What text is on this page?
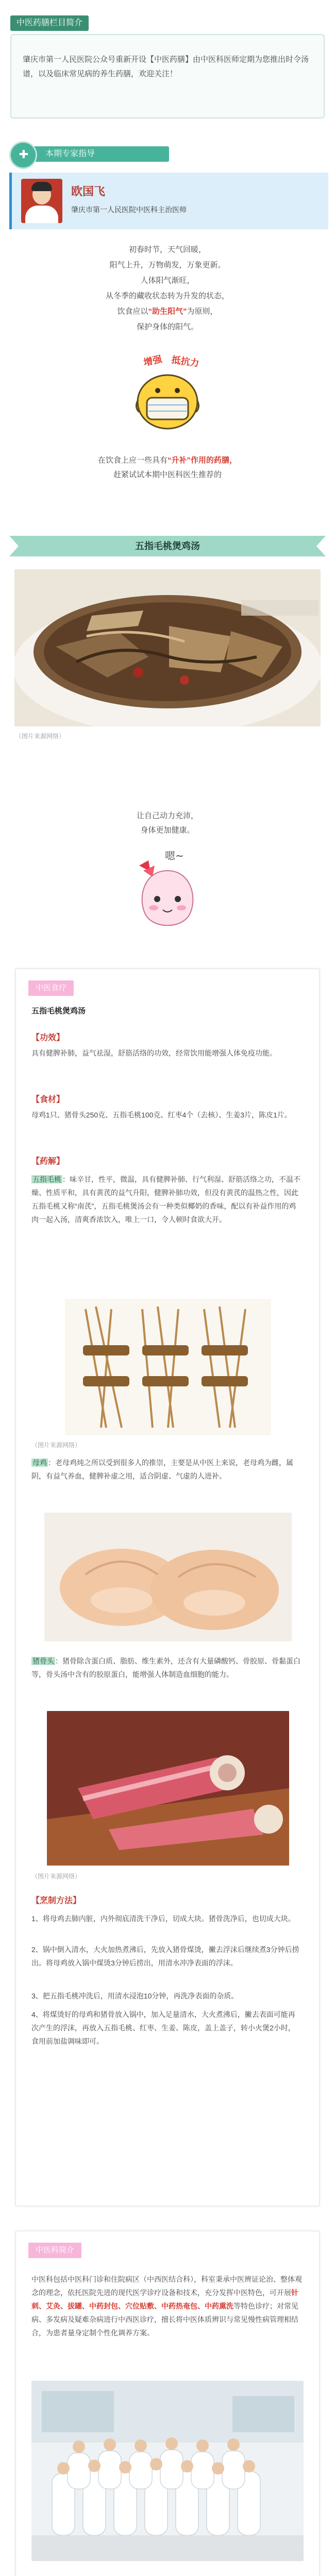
中医药膳栏目简介
肇庆市第一人民医院公众号重新开设【中医药膳】由中医科医师定期为您推出时令汤谱，以及临床常见病的养生药膳，欢迎关注！
本期专家指导
✚
欧国飞
肇庆市第一人民医院中医科主治医师
初春时节，天气回暖，
阳气上升，万物萌发，万象更新。
人体阳气渐旺，
从冬季的藏收状态转为升发的状态，
饮食应以“助生阳气”为原则，
保护身体的阳气。
增强 抵抗力
在饮食上应一些具有“升补”作用的药膳，
赶紧试试本期中医科医生推荐的
五指毛桃煲鸡汤
（图片来源网络）
让自己动力充沛，
身体更加健康。
嗯~
中医食疗
五指毛桃煲鸡汤
【功效】
具有健脾补肺，益气祛湿，舒筋活络的功效，经常饮用能增强人体免疫功能。
【食材】
母鸡1只、猪骨头250克、五指毛桃100克、红枣4个（去核）、生姜3片，陈皮1片。
【药解】
五指毛桃 ：味辛甘，性平，微温，具有健脾补肺、行气利湿、舒筋活络之功，不温不燥、性质平和，具有黄芪的益气升阳，健脾补肺功效，但没有黄芪的温热之性，因此五指毛桃又称“南芪”，五指毛桃煲汤会有一种类似椰奶的香味，配以有补益作用的鸡肉一起入汤，清爽香浓饮入，唯上一口，令人顿时食欲大开。
（图片来源网络）
母鸡 ：老母鸡炖之所以受到很多人的推崇，主要是从中医上来说，老母鸡为雌，属阴，有益气养血，健脾补虚之用，适合阴虚、气虚的人进补。
猪骨头 ：猪骨除含蛋白质、脂肪、维生素外，还含有大量磷酸钙、骨胶原、骨黏蛋白等，骨头汤中含有的胶原蛋白，能增强人体制造血细胞的能力。
（图片来源网络）
【烹制方法】
1、将母鸡去肺内脏，内外彻底清洗干净后，切成大块。猪骨洗净后，也切成大块。
2、锅中倒入清水，大火加热煮沸后，先放入猪骨煤烫，撇去浮沫后继续煮3分钟后捞出。将母鸡放入锅中煤烫3分钟后捞出，用清水冲净表面的浮沫。
3、把五指毛桃冲洗后，用清水浸泡10分钟，再洗净表面的杂质。
4、将煤烫好的母鸡和猪骨放入锅中，加入足量清水，大火煮沸后，撇去表面可能再次产生的浮沫，再放入五指毛桃、红枣、生姜、陈皮，盖上盖子，转小火煲2小时，食用前加盐调味即可。
中医科简介
中医科包括中医科门诊和住院病区（中西医结合科），科室秉承中医辨证论治、整体观念的理念，依托医院先进的现代医学诊疗设备和技术，充分发挥中医特色，可开展针刺、艾灸、拔罐、中药封包、穴位贴敷、中药热奄包、中药熏洗等特色诊疗；对常见病、多发病及疑难杂病进行中西医诊疗，擅长将中医体质辨识与常见慢性病管理相结合，为患者量身定制个性化调养方案。
